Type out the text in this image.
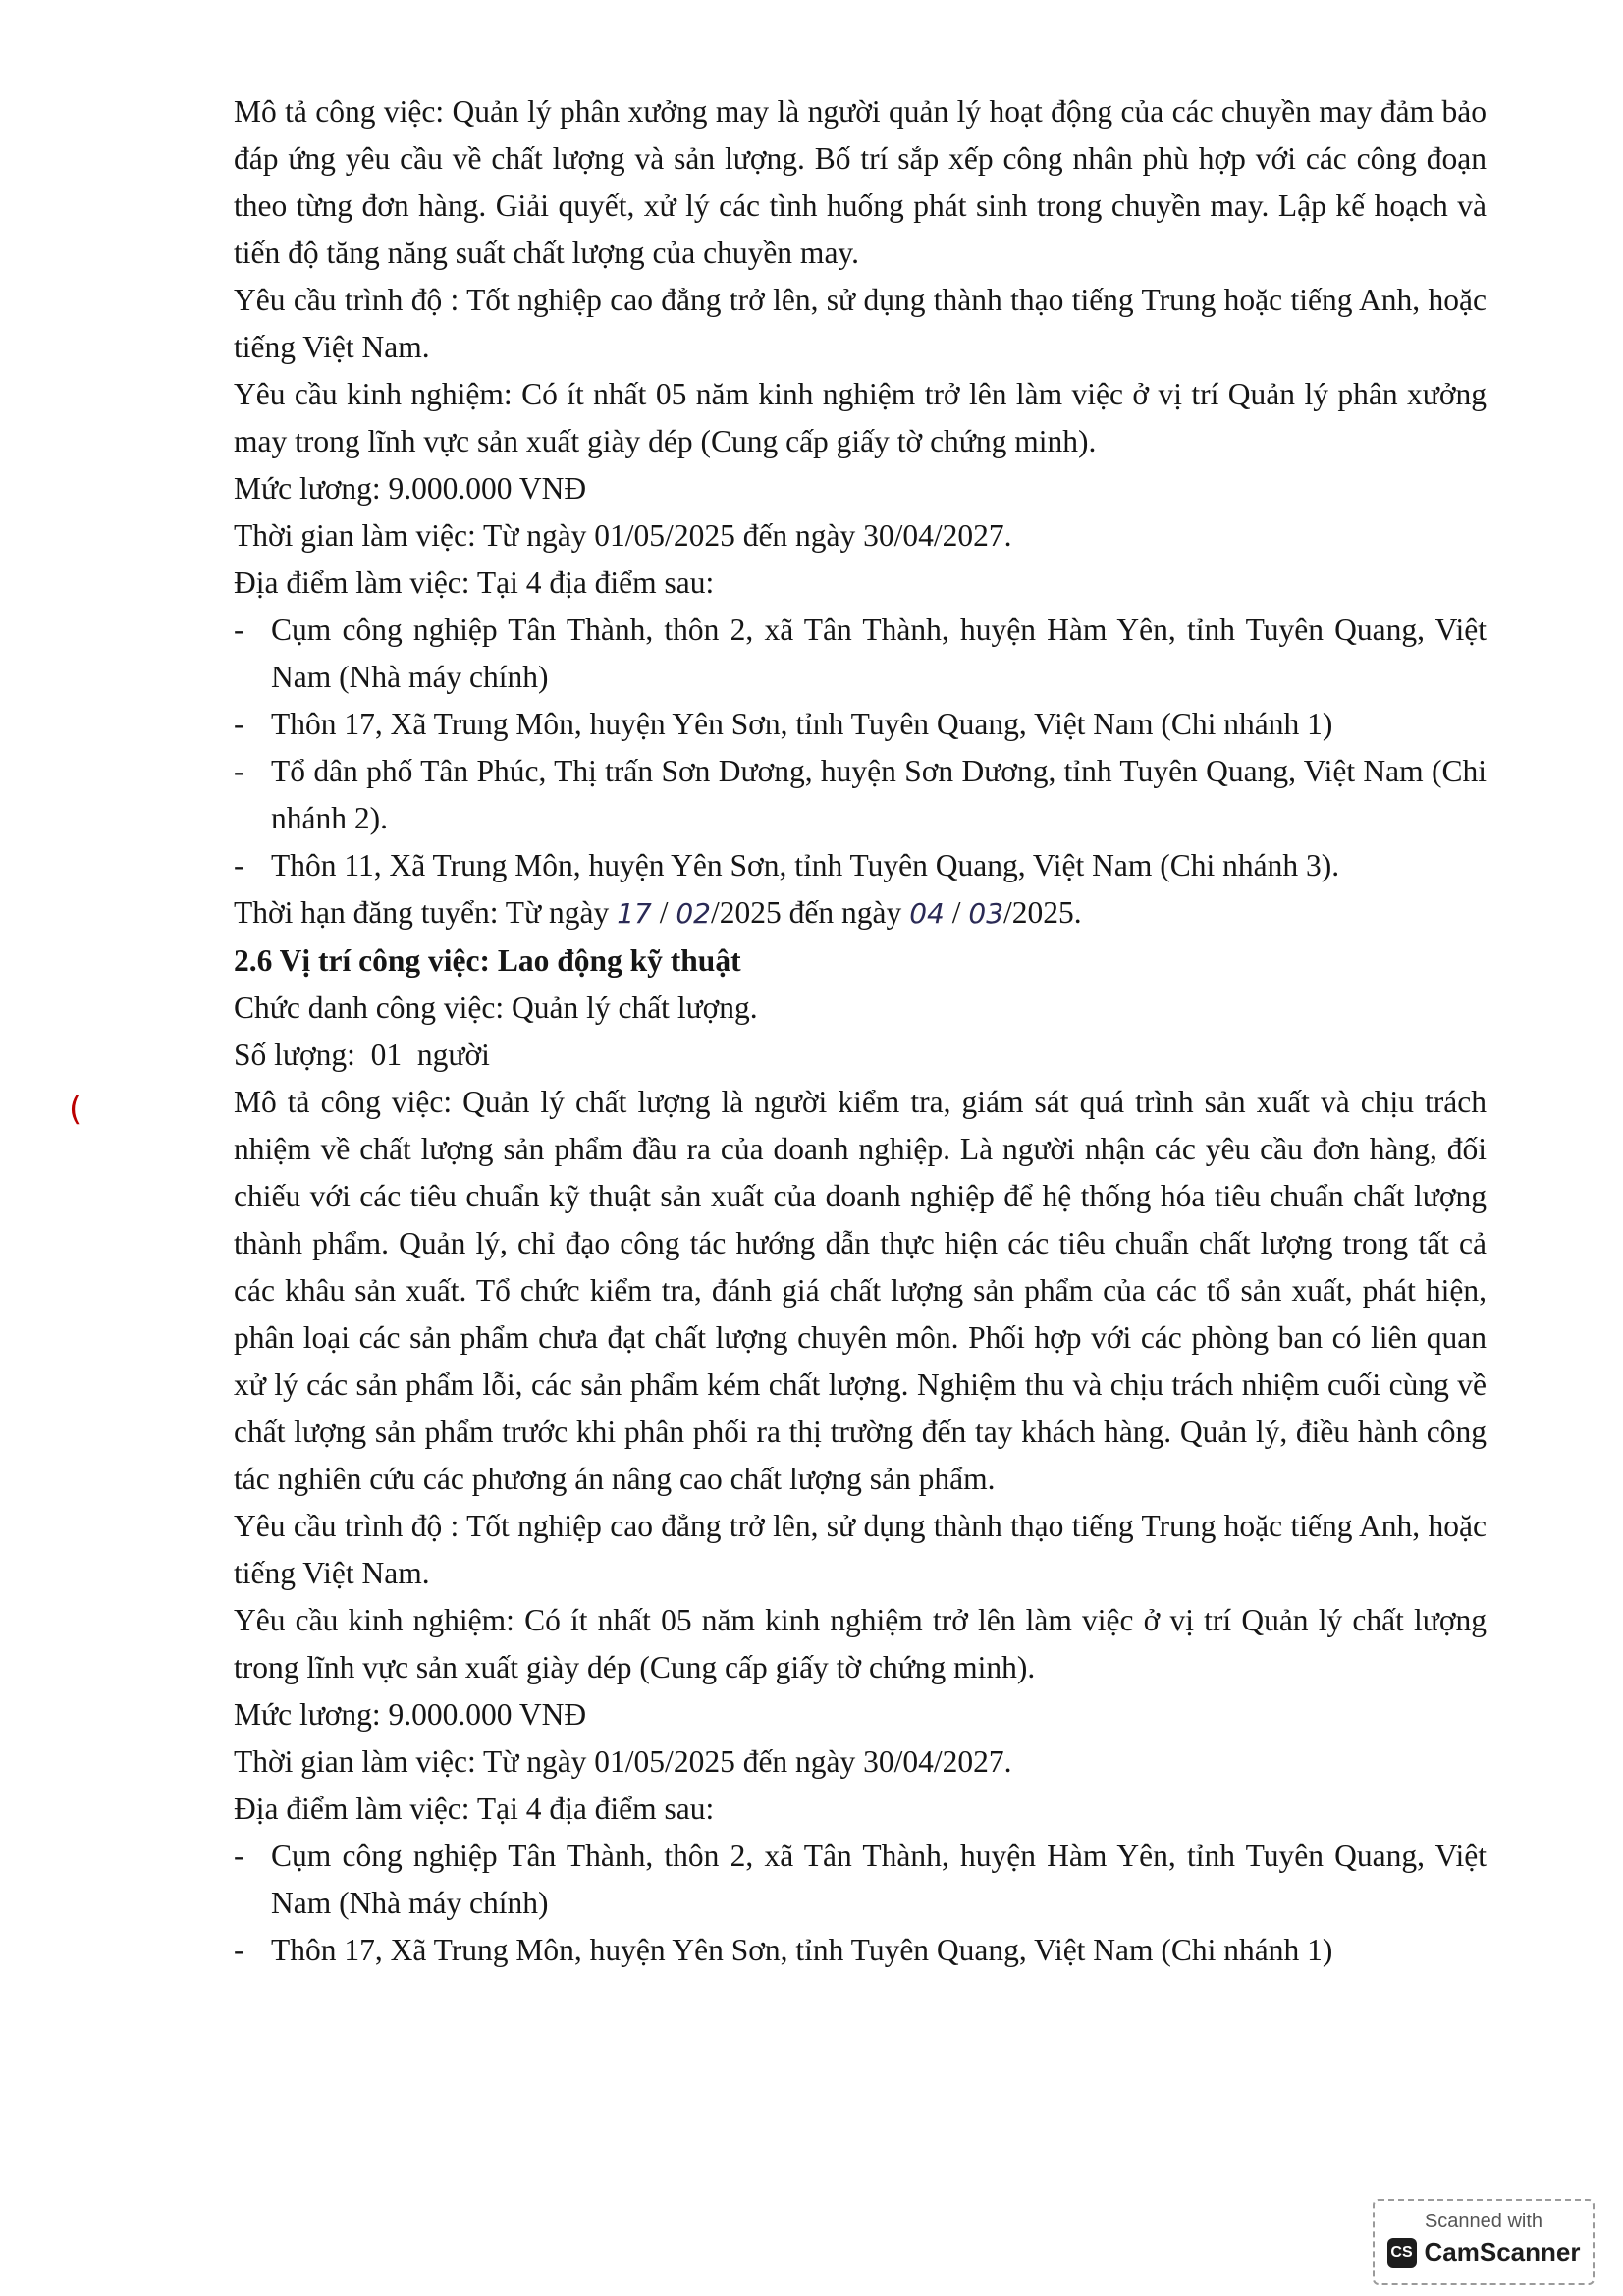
(

Mô tả công việc: Quản lý phân xưởng may là người quản lý hoạt động của các chuyền may đảm bảo đáp ứng yêu cầu về chất lượng và sản lượng. Bố trí sắp xếp công nhân phù hợp với các công đoạn theo từng đơn hàng. Giải quyết, xử lý các tình huống phát sinh trong chuyền may. Lập kế hoạch và tiến độ tăng năng suất chất lượng của chuyền may.

Yêu cầu trình độ : Tốt nghiệp cao đẳng trở lên, sử dụng thành thạo tiếng Trung hoặc tiếng Anh, hoặc tiếng Việt Nam.

Yêu cầu kinh nghiệm: Có ít nhất 05 năm kinh nghiệm trở lên làm việc ở vị trí Quản lý phân xưởng may trong lĩnh vực sản xuất giày dép (Cung cấp giấy tờ chứng minh).

Mức lương: 9.000.000 VNĐ

Thời gian làm việc: Từ ngày 01/05/2025 đến ngày 30/04/2027.

Địa điểm làm việc: Tại 4 địa điểm sau:

- Cụm công nghiệp Tân Thành, thôn 2, xã Tân Thành, huyện Hàm Yên, tỉnh Tuyên Quang, Việt Nam (Nhà máy chính)
- Thôn 17, Xã Trung Môn, huyện Yên Sơn, tỉnh Tuyên Quang, Việt Nam (Chi nhánh 1)
- Tổ dân phố Tân Phúc, Thị trấn Sơn Dương, huyện Sơn Dương, tỉnh Tuyên Quang, Việt Nam (Chi nhánh 2).
- Thôn 11, Xã Trung Môn, huyện Yên Sơn, tỉnh Tuyên Quang, Việt Nam (Chi nhánh 3).

Thời hạn đăng tuyển: Từ ngày 17 / 02/2025 đến ngày 04 / 03/2025.

2.6 Vị trí công việc: Lao động kỹ thuật

Chức danh công việc: Quản lý chất lượng.

Số lượng:  01  người

Mô tả công việc: Quản lý chất lượng là người kiểm tra, giám sát quá trình sản xuất và chịu trách nhiệm về chất lượng sản phẩm đầu ra của doanh nghiệp. Là người nhận các yêu cầu đơn hàng, đối chiếu với các tiêu chuẩn kỹ thuật sản xuất của doanh nghiệp để hệ thống hóa tiêu chuẩn chất lượng thành phẩm. Quản lý, chỉ đạo công tác hướng dẫn thực hiện các tiêu chuẩn chất lượng trong tất cả các khâu sản xuất. Tổ chức kiểm tra, đánh giá chất lượng sản phẩm của các tổ sản xuất, phát hiện, phân loại các sản phẩm chưa đạt chất lượng chuyên môn. Phối hợp với các phòng ban có liên quan xử lý các sản phẩm lỗi, các sản phẩm kém chất lượng. Nghiệm thu và chịu trách nhiệm cuối cùng về chất lượng sản phẩm trước khi phân phối ra thị trường đến tay khách hàng. Quản lý, điều hành công tác nghiên cứu các phương án nâng cao chất lượng sản phẩm.

Yêu cầu trình độ : Tốt nghiệp cao đẳng trở lên, sử dụng thành thạo tiếng Trung hoặc tiếng Anh, hoặc tiếng Việt Nam.

Yêu cầu kinh nghiệm: Có ít nhất 05 năm kinh nghiệm trở lên làm việc ở vị trí Quản lý chất lượng trong lĩnh vực sản xuất giày dép (Cung cấp giấy tờ chứng minh).

Mức lương: 9.000.000 VNĐ

Thời gian làm việc: Từ ngày 01/05/2025 đến ngày 30/04/2027.

Địa điểm làm việc: Tại 4 địa điểm sau:

- Cụm công nghiệp Tân Thành, thôn 2, xã Tân Thành, huyện Hàm Yên, tỉnh Tuyên Quang, Việt Nam (Nhà máy chính)
- Thôn 17, Xã Trung Môn, huyện Yên Sơn, tỉnh Tuyên Quang, Việt Nam (Chi nhánh 1)
Scanned with
CS CamScanner
